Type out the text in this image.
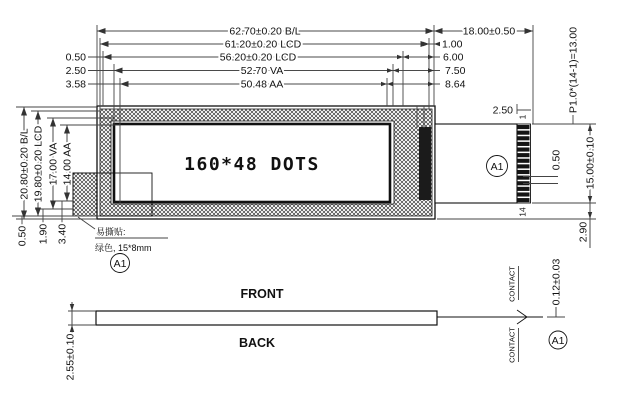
160*48 DOTS
62.70±0.20 B/L	18.00±0.50
61.20±0.20 LCD	1.00
56.20±0.20 LCD	6.00
52.70 VA	7.50
50.48 AA	8.64
0.50
2.50
3.58
20.80±0.20 B/L 19.80±0.20 LCD 17.00 VA 14.00 AA
0.50 1.90 3.40	易撕贴:
绿色, 15*8mm
A1
2.50
1
14
A1	0.50 15.00±0.10
2.90
P1.0*(14-1)=13.00
FRONT
BACK
2.55±0.10
CONTACT
CONTACT
0.12±0.03
A1
